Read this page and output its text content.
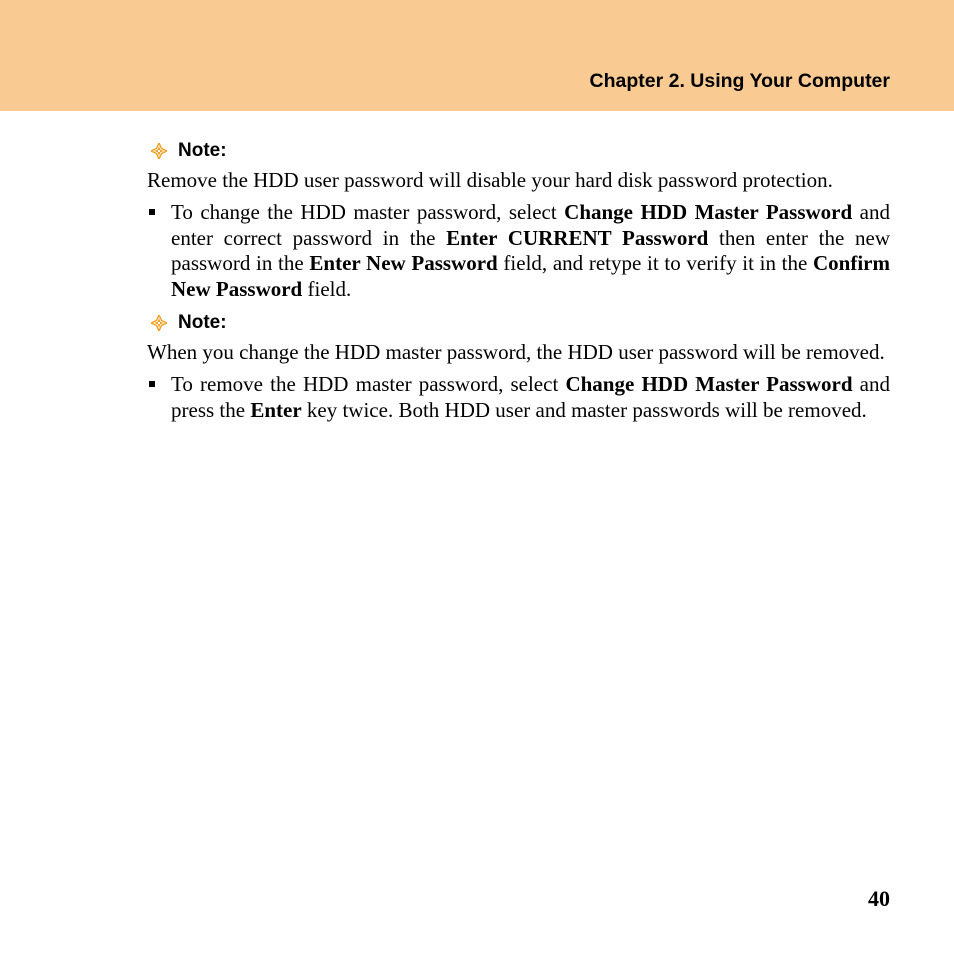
Chapter 2. Using Your Computer
Note:

Remove the HDD user password will disable your hard disk password protection.

To change the HDD master password, select Change HDD Master Password and enter correct password in the Enter CURRENT Password then enter the new password in the Enter New Password field, and retype it to verify it in the Confirm New Password field.
Note:

When you change the HDD master password, the HDD user password will be removed.

To remove the HDD master password, select Change HDD Master Password and press the Enter key twice. Both HDD user and master passwords will be removed.
40
